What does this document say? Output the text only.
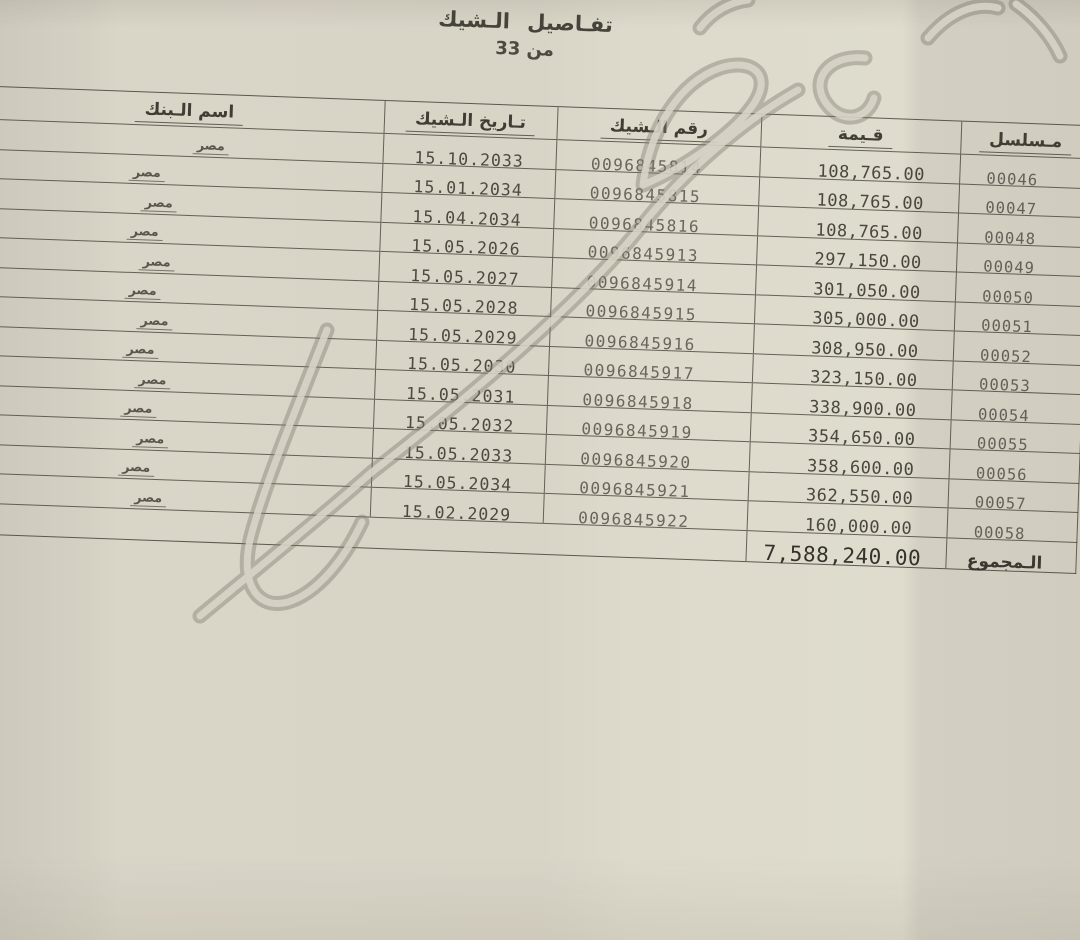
تفـاصيل الـشيك
3من 3
اسم الـبنك	تـاريخ الـشيك	رقم الـشيك	قـيمة	مـسلسل
مصر	15.10.2033	0096845814	108,765.00	00046
مصر	15.01.2034	0096845815	108,765.00	00047
مصر	15.04.2034	0096845816	108,765.00	00048
مصر	15.05.2026	0096845913	297,150.00	00049
مصر	15.05.2027	0096845914	301,050.00	00050
مصر	15.05.2028	0096845915	305,000.00	00051
مصر	15.05.2029	0096845916	308,950.00	00052
مصر	15.05.2030	0096845917	323,150.00	00053
مصر	15.05.2031	0096845918	338,900.00	00054
مصر	15.05.2032	0096845919	354,650.00	00055
مصر	15.05.2033	0096845920	358,600.00	00056
مصر	15.05.2034	0096845921	362,550.00	00057
مصر	15.02.2029	0096845922	160,000.00	00058
			7,588,240.00	الـمجموع
